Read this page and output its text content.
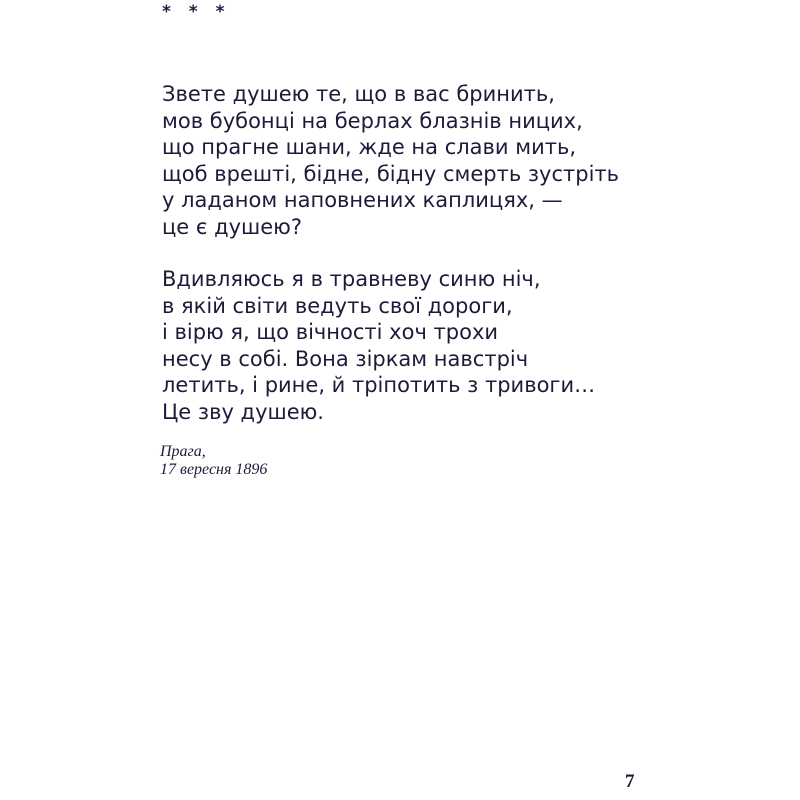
* * *
Звете душею те, що в вас бринить,
мов бубонці на берлах блазнів ницих,
що прагне шани, жде на слави мить,
щоб врешті, бідне, бідну смерть зустріть
у ладаном наповнених каплицях, —
це є душею?
Вдивляюсь я в травневу синю ніч,
в якій світи ведуть свої дороги,
і вірю я, що вічності хоч трохи
несу в собі. Вона зіркам навстріч
летить, і рине, й тріпотить з тривоги…
Це зву душею.
Прага,
17 вересня 1896
7
